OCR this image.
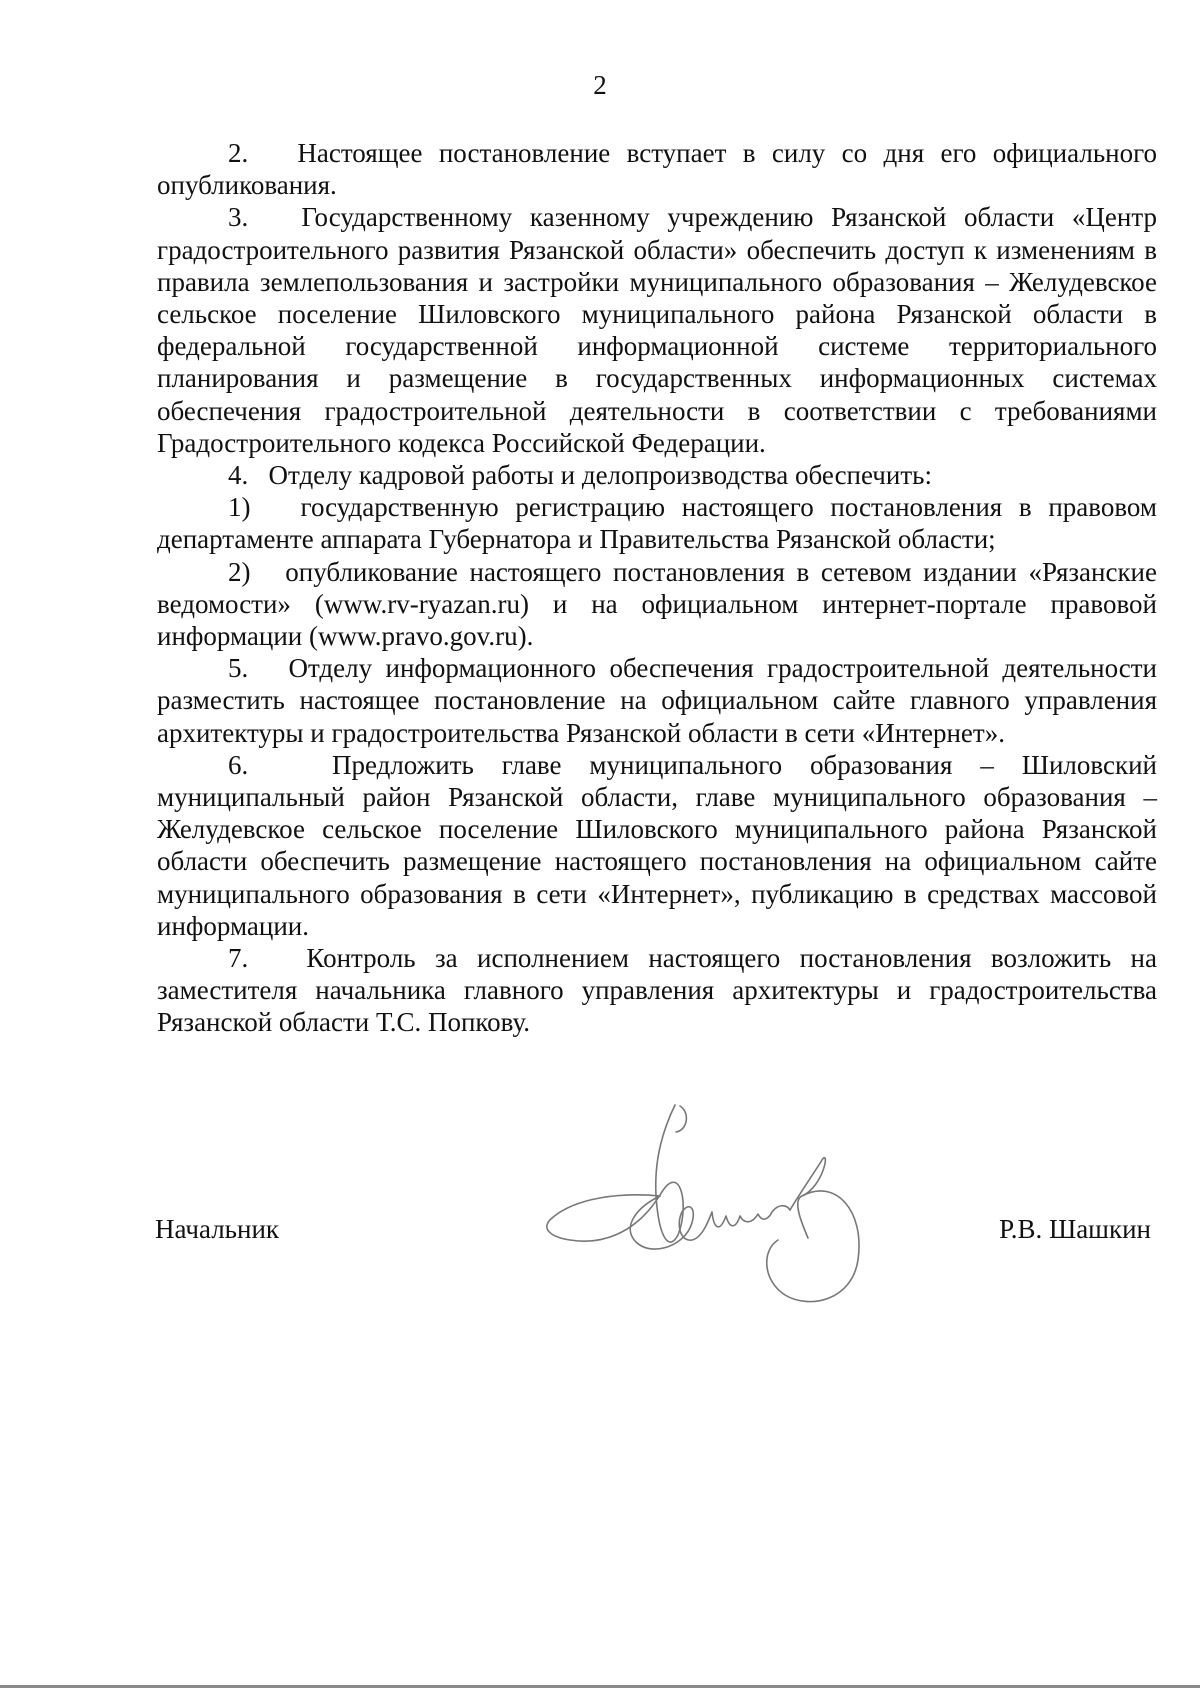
2

2.   Настоящее постановление вступает в силу со дня его официального опубликования.

3.   Государственному казенному учреждению Рязанской области «Центр градостроительного развития Рязанской области» обеспечить доступ к изменениям в правила землепользования и застройки муниципального образования – Желудевское сельское поселение Шиловского муниципального района Рязанской области в федеральной государственной информационной системе территориального планирования и размещение в государственных информационных системах обеспечения градостроительной деятельности в соответствии с требованиями Градостроительного кодекса Российской Федерации.

4.   Отделу кадровой работы и делопроизводства обеспечить:

1)   государственную регистрацию настоящего постановления в правовом департаменте аппарата Губернатора и Правительства Рязанской области;

2)   опубликование настоящего постановления в сетевом издании «Рязанские ведомости» (www.rv-ryazan.ru) и на официальном интернет-портале правовой информации (www.pravo.gov.ru).

5.   Отделу информационного обеспечения градостроительной деятельности разместить настоящее постановление на официальном сайте главного управления архитектуры и градостроительства Рязанской области в сети «Интернет».

6.   Предложить главе муниципального образования – Шиловский муниципальный район Рязанской области, главе муниципального образования – Желудевское сельское поселение Шиловского муниципального района Рязанской области обеспечить размещение настоящего постановления на официальном сайте муниципального образования в сети «Интернет», публикацию в средствах массовой информации.

7.   Контроль за исполнением настоящего постановления возложить на заместителя начальника главного управления архитектуры и градостроительства Рязанской области Т.С. Попкову.

Начальник	Р.В. Шашкин
